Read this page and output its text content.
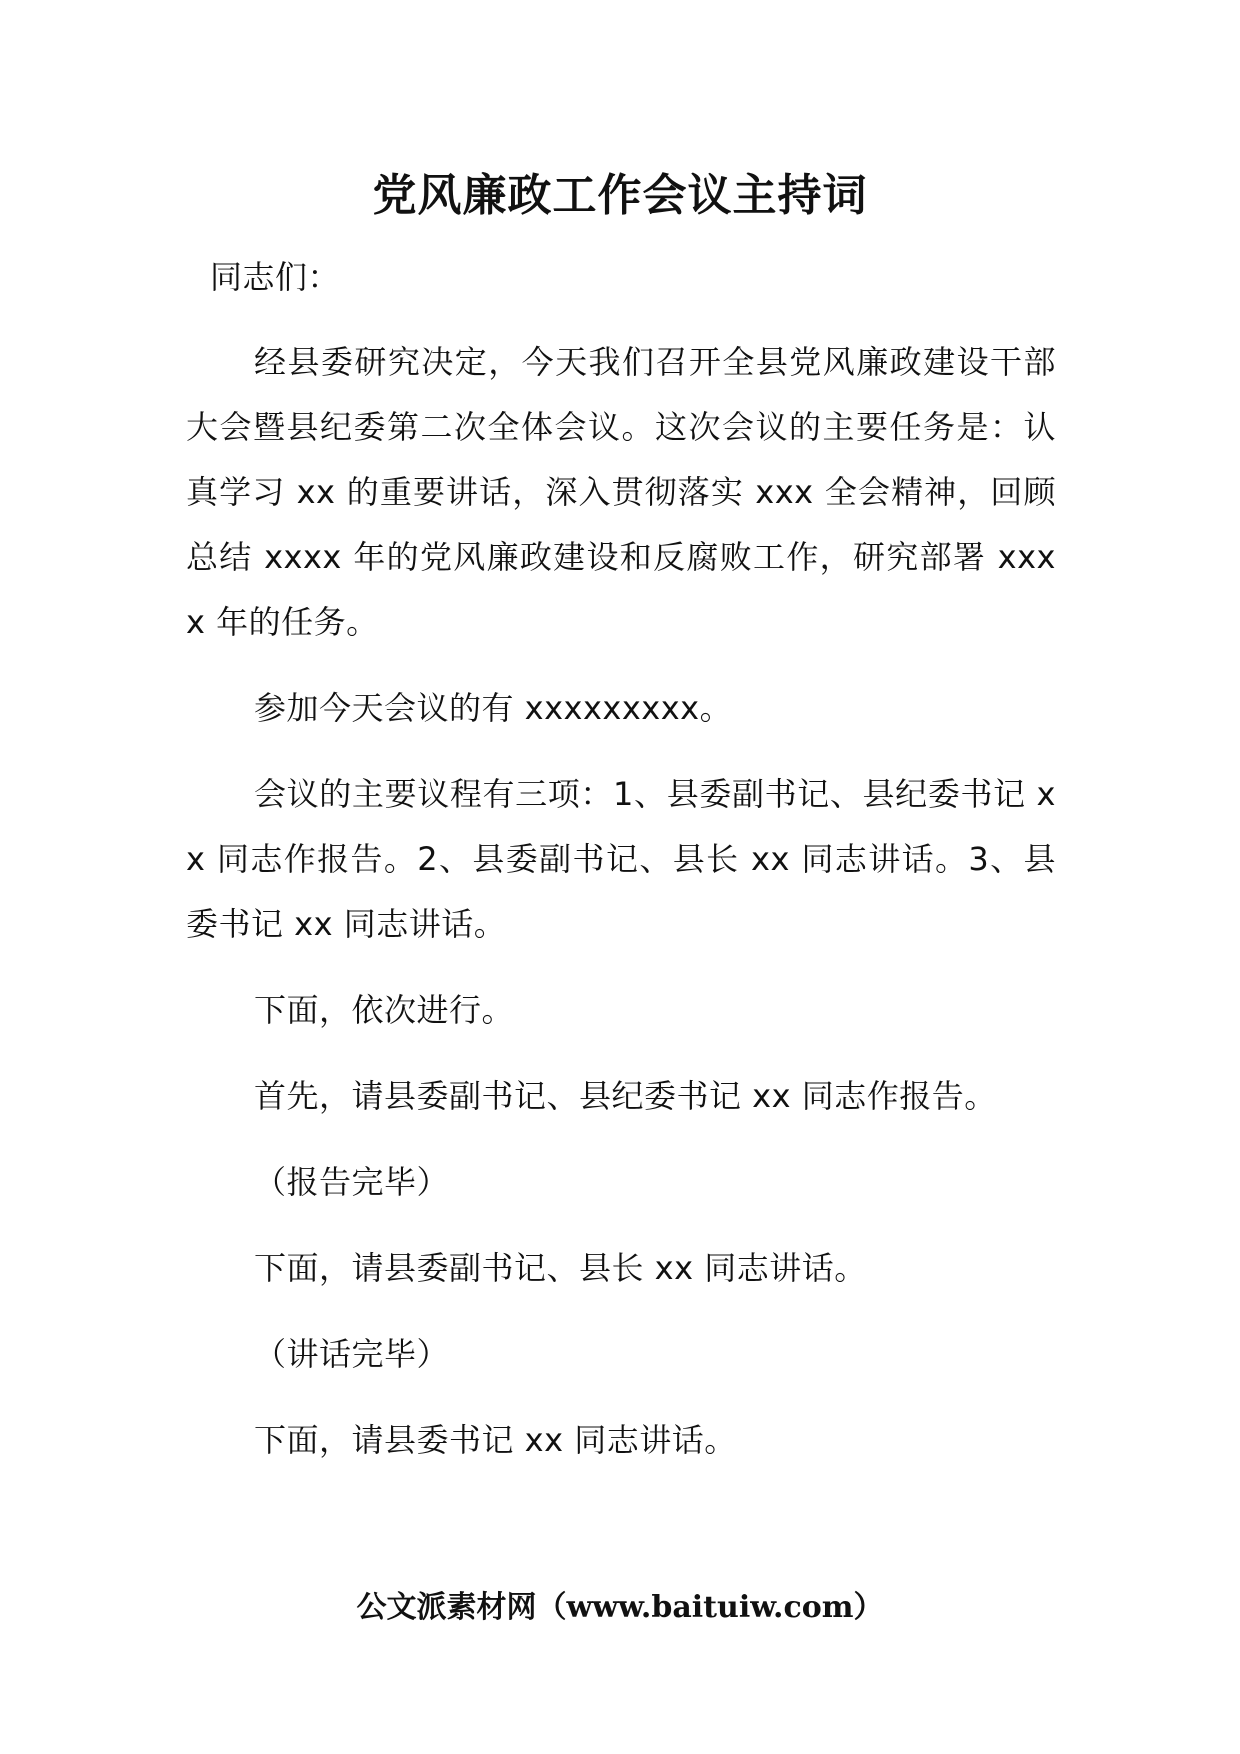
党风廉政工作会议主持词

同志们：

经县委研究决定，今天我们召开全县党风廉政建设干部大会暨县纪委第二次全体会议。这次会议的主要任务是：认真学习 xx 的重要讲话，深入贯彻落实 xxx 全会精神，回顾总结 xxxx 年的党风廉政建设和反腐败工作，研究部署 xxxx 年的任务。

参加今天会议的有 xxxxxxxxx。

会议的主要议程有三项：1、县委副书记、县纪委书记 xx 同志作报告。2、县委副书记、县长 xx 同志讲话。3、县委书记 xx 同志讲话。

下面，依次进行。

首先，请县委副书记、县纪委书记 xx 同志作报告。

（报告完毕）

下面，请县委副书记、县长 xx 同志讲话。

（讲话完毕）

下面，请县委书记 xx 同志讲话。

公文派素材网（www.baituiw.com）
